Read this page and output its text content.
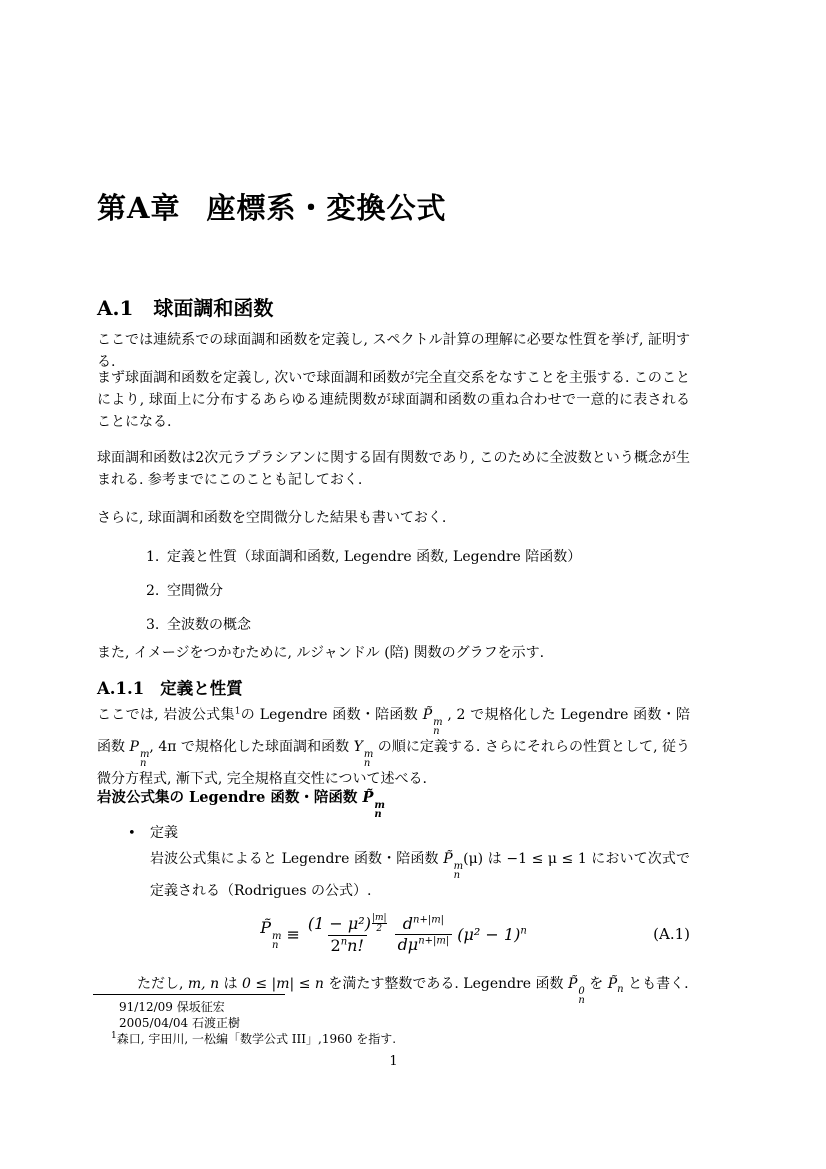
第A章 座標系・変換公式
A.1 球面調和函数

ここでは連続系での球面調和函数を定義し, スペクトル計算の理解に必要な性質を挙げ, 証明する.

まず球面調和函数を定義し, 次いで球面調和函数が完全直交系をなすことを主張する. このことにより, 球面上に分布するあらゆる連続関数が球面調和函数の重ね合わせで一意的に表されることになる.

球面調和函数は2次元ラプラシアンに関する固有関数であり, このために全波数という概念が生まれる. 参考までにこのことも記しておく.

さらに, 球面調和函数を空間微分した結果も書いておく.

1. 定義と性質（球面調和函数, Legendre 函数, Legendre 陪函数）
2. 空間微分
3. 全波数の概念

また, イメージをつかむために, ルジャンドル (陪) 関数のグラフを示す.

A.1.1 定義と性質

ここでは, 岩波公式集$^1$の Legendre 函数・陪函数 P̃ m
n
, 2 で規格化した Legendre 函数・陪函数 P m
n
, 4π で規格化した球面調和函数 Y m
n
の順に定義する. さらにそれらの性質として, 従う微分方程式, 漸下式, 完全規格直交性について述べる.

岩波公式集の Legendre 函数・陪函数 P̃ m
n
• 定義

岩波公式集によると Legendre 函数・陪函数 P̃ m
n
(μ) は −1 ≤ μ ≤ 1 において次式で定義される（Rodrigues の公式）.

P̃ m
n
≡ $\frac{(1 - \mu^2) \frac{|m|}{2}}{2^nn!} \frac{d^{n+|m|}}{d\mu^{n+|m|}} (\mu^2 - 1)^n$	(A.1)

ただし, m, n は 0 ≤ |m| ≤ n を満たす整数である. Legendre 函数 P̃ 0
n
を $P̃_n$ とも書く.

91/12/09 保坂征宏
2005/04/04 石渡正樹
$^1$森口, 宇田川, 一松編「数学公式 III」,1960 を指す.
1
